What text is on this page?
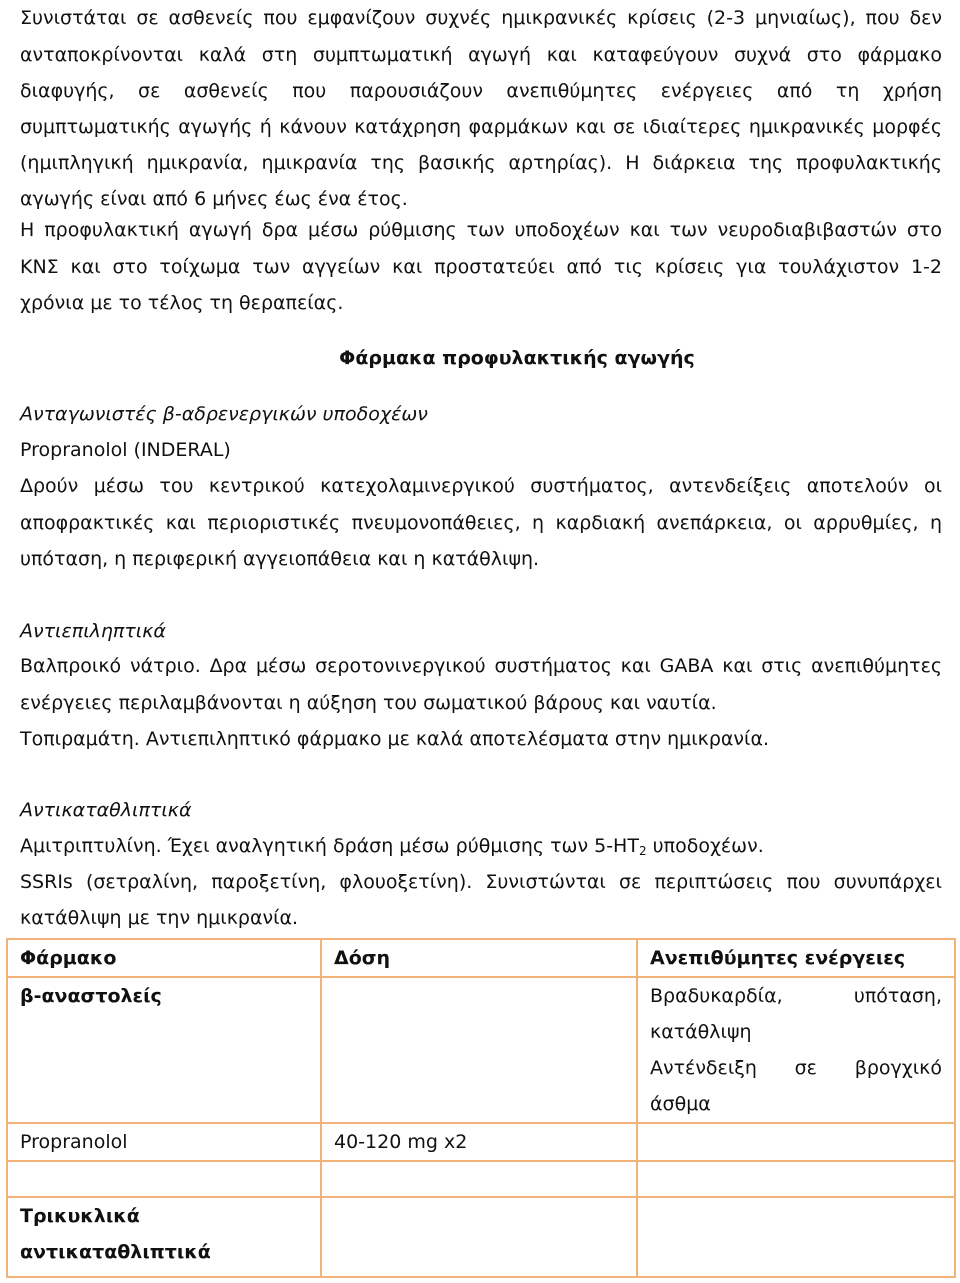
Συνιστάται σε ασθενείς που εμφανίζουν συχνές ημικρανικές κρίσεις (2-3 μηνιαίως), που δεν
ανταποκρίνονται καλά στη συμπτωματική αγωγή και καταφεύγουν συχνά στο φάρμακο
διαφυγής, σε ασθενείς που παρουσιάζουν ανεπιθύμητες ενέργειες από τη χρήση
συμπτωματικής αγωγής ή κάνουν κατάχρηση φαρμάκων και σε ιδιαίτερες ημικρανικές μορφές
(ημιπληγική ημικρανία, ημικρανία της βασικής αρτηρίας). Η διάρκεια της προφυλακτικής
αγωγής είναι από 6 μήνες έως ένα έτος.
Η προφυλακτική αγωγή δρα μέσω ρύθμισης των υποδοχέων και των νευροδιαβιβαστών στο
ΚΝΣ και στο τοίχωμα των αγγείων και προστατεύει από τις κρίσεις για τουλάχιστον 1-2
χρόνια με το τέλος τη θεραπείας.
Φάρμακα προφυλακτικής αγωγής
Ανταγωνιστές β-αδρενεργικών υποδοχέων
Propranolol (INDERAL)
Δρούν μέσω του κεντρικού κατεχολαμινεργικού συστήματος, αντενδείξεις αποτελούν οι
αποφρακτικές και περιοριστικές πνευμονοπάθειες, η καρδιακή ανεπάρκεια, οι αρρυθμίες, η
υπόταση, η περιφερική αγγειοπάθεια και η κατάθλιψη.
Αντιεπιληπτικά
Βαλπροικό νάτριο. Δρα μέσω σεροτονινεργικού συστήματος και GABA και στις ανεπιθύμητες
ενέργειες περιλαμβάνονται η αύξηση του σωματικού βάρους και ναυτία.
Τοπιραμάτη. Αντιεπιληπτικό φάρμακο με καλά αποτελέσματα στην ημικρανία.
Αντικαταθλιπτικά
Αμιτριπτυλίνη. Έχει αναλγητική δράση μέσω ρύθμισης των $5-HT_2$ υποδοχέων.
SSRIs (σετραλίνη, παροξετίνη, φλουοξετίνη). Συνιστώνται σε περιπτώσεις που συνυπάρχει
κατάθλιψη με την ημικρανία.
Φάρμακο	Δόση	Ανεπιθύμητες ενέργειες
β-αναστολείς		Βραδυκαρδία, υπόταση,
κατάθλιψη
Αντένδειξη σε βρογχικό
άσθμα

Propranolol	40-120 mg x2	

Τρικυκλικά
αντικαταθλιπτικά		
